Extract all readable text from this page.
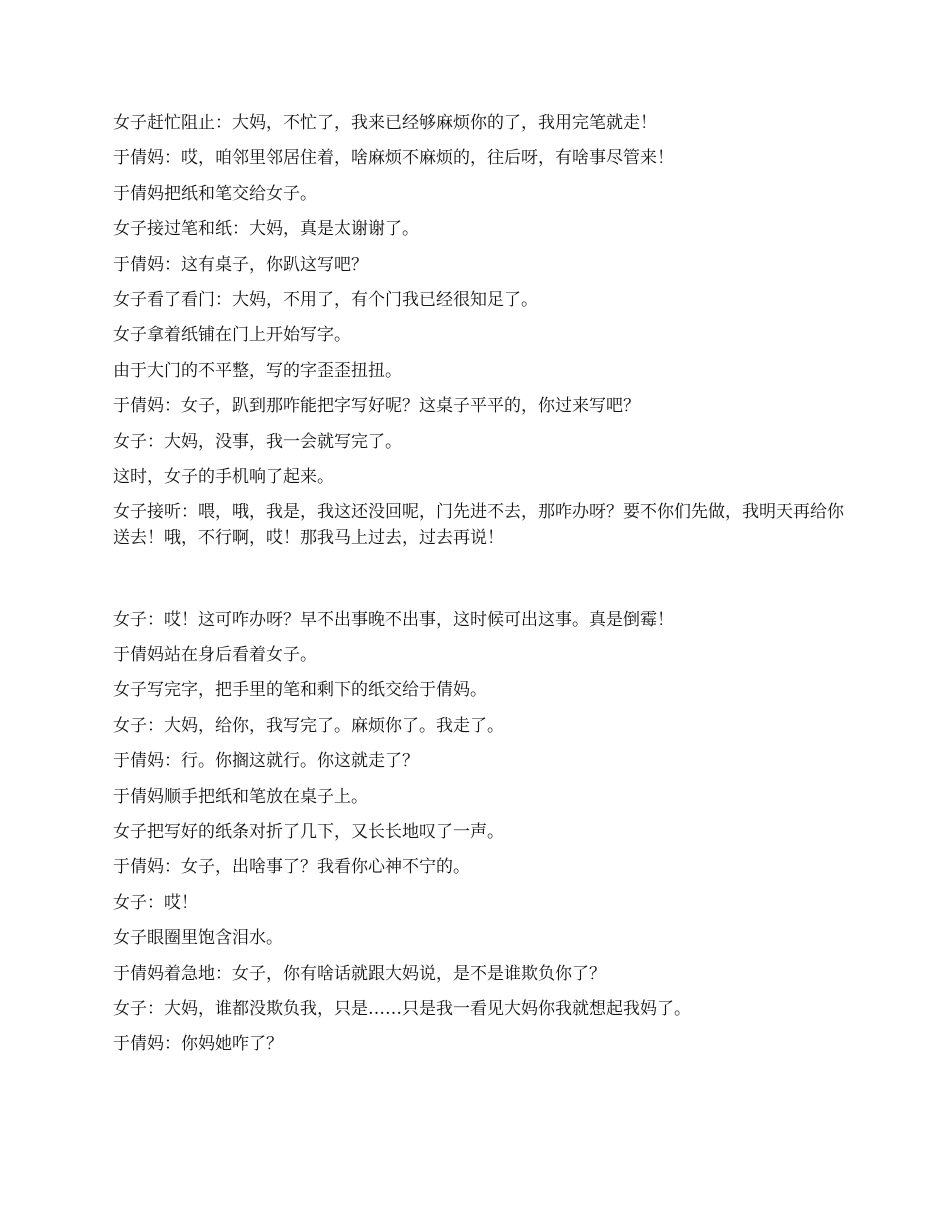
女子赶忙阻止：大妈，不忙了，我来已经够麻烦你的了，我用完笔就走！

于倩妈：哎，咱邻里邻居住着，啥麻烦不麻烦的，往后呀，有啥事尽管来！

于倩妈把纸和笔交给女子。

女子接过笔和纸：大妈，真是太谢谢了。

于倩妈：这有桌子，你趴这写吧？

女子看了看门：大妈，不用了，有个门我已经很知足了。

女子拿着纸铺在门上开始写字。

由于大门的不平整，写的字歪歪扭扭。

于倩妈：女子，趴到那咋能把字写好呢？这桌子平平的，你过来写吧？

女子：大妈，没事，我一会就写完了。

这时，女子的手机响了起来。

女子接听：喂，哦，我是，我这还没回呢，门先进不去，那咋办呀？要不你们先做，我明天再给你送去！哦，不行啊，哎！那我马上过去，过去再说！

女子：哎！这可咋办呀？早不出事晚不出事，这时候可出这事。真是倒霉！

于倩妈站在身后看着女子。

女子写完字，把手里的笔和剩下的纸交给于倩妈。

女子：大妈，给你，我写完了。麻烦你了。我走了。

于倩妈：行。你搁这就行。你这就走了？

于倩妈顺手把纸和笔放在桌子上。

女子把写好的纸条对折了几下，又长长地叹了一声。

于倩妈：女子，出啥事了？我看你心神不宁的。

女子：哎！

女子眼圈里饱含泪水。

于倩妈着急地：女子，你有啥话就跟大妈说，是不是谁欺负你了？

女子：大妈，谁都没欺负我，只是……只是我一看见大妈你我就想起我妈了。

于倩妈：你妈她咋了？
